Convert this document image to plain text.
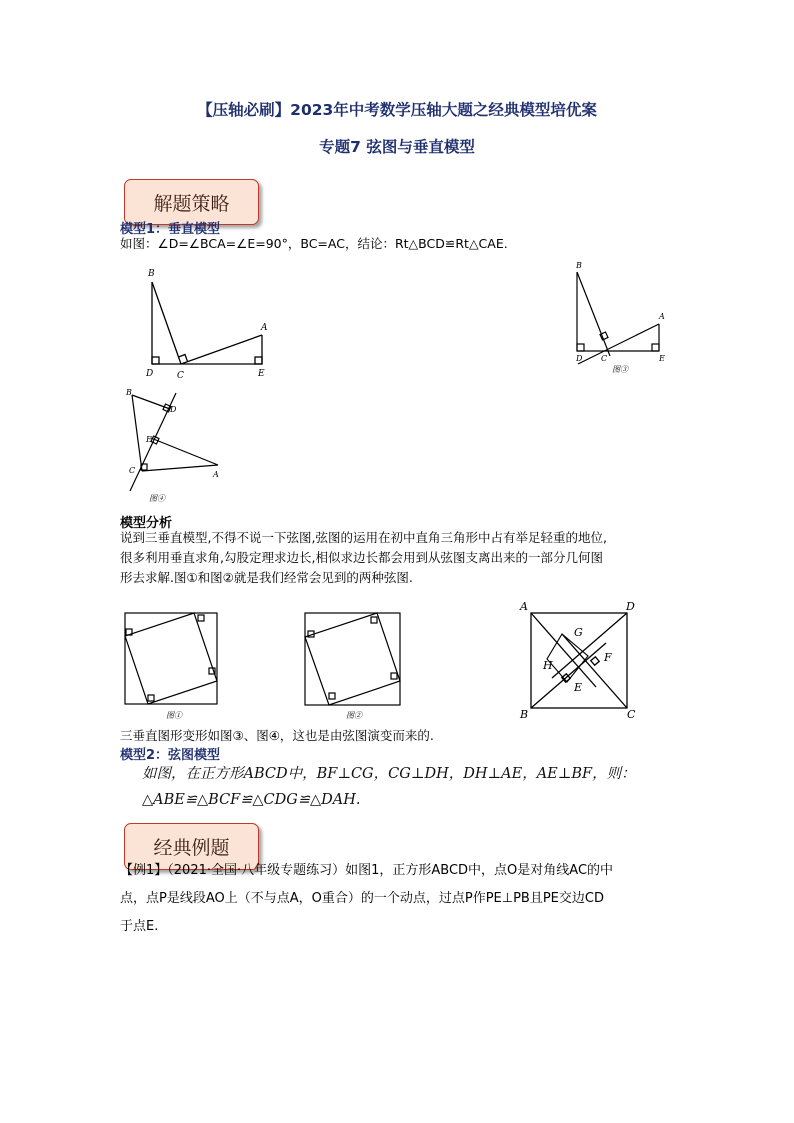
【压轴必刷】2023年中考数学压轴大题之经典模型培优案
专题7 弦图与垂直模型
解题策略
模型1：垂直模型
如图：∠D=∠BCA=∠E=90°，BC=AC，结论：Rt△BCD≌Rt△CAE.
B
D	C
A
E
B
D C
A
E
图③
B
D
E
C	A
图④
模型分析
说到三垂直模型,不得不说一下弦图,弦图的运用在初中直角三角形中占有举足轻重的地位,
很多利用垂直求角,勾股定理求边长,相似求边长都会用到从弦图支离出来的一部分几何图
形去求解.图①和图②就是我们经常会见到的两种弦图.
图①	图②
A	D
B	C
G
H
F
E
三垂直图形变形如图③、图④，这也是由弦图演变而来的.
模型2：弦图模型
如图，在正方形ABCD中，BF⊥CG，CG⊥DH，DH⊥AE，AE⊥BF，则：
△ABE≌△BCF≌△CDG≌△DAH.
经典例题
【例1】（2021·全国·八年级专题练习）如图1，正方形ABCD中，点O是对角线AC的中
点，点P是线段AO上（不与点A，O重合）的一个动点，过点P作PE⊥PB且PE交边CD
于点E.
